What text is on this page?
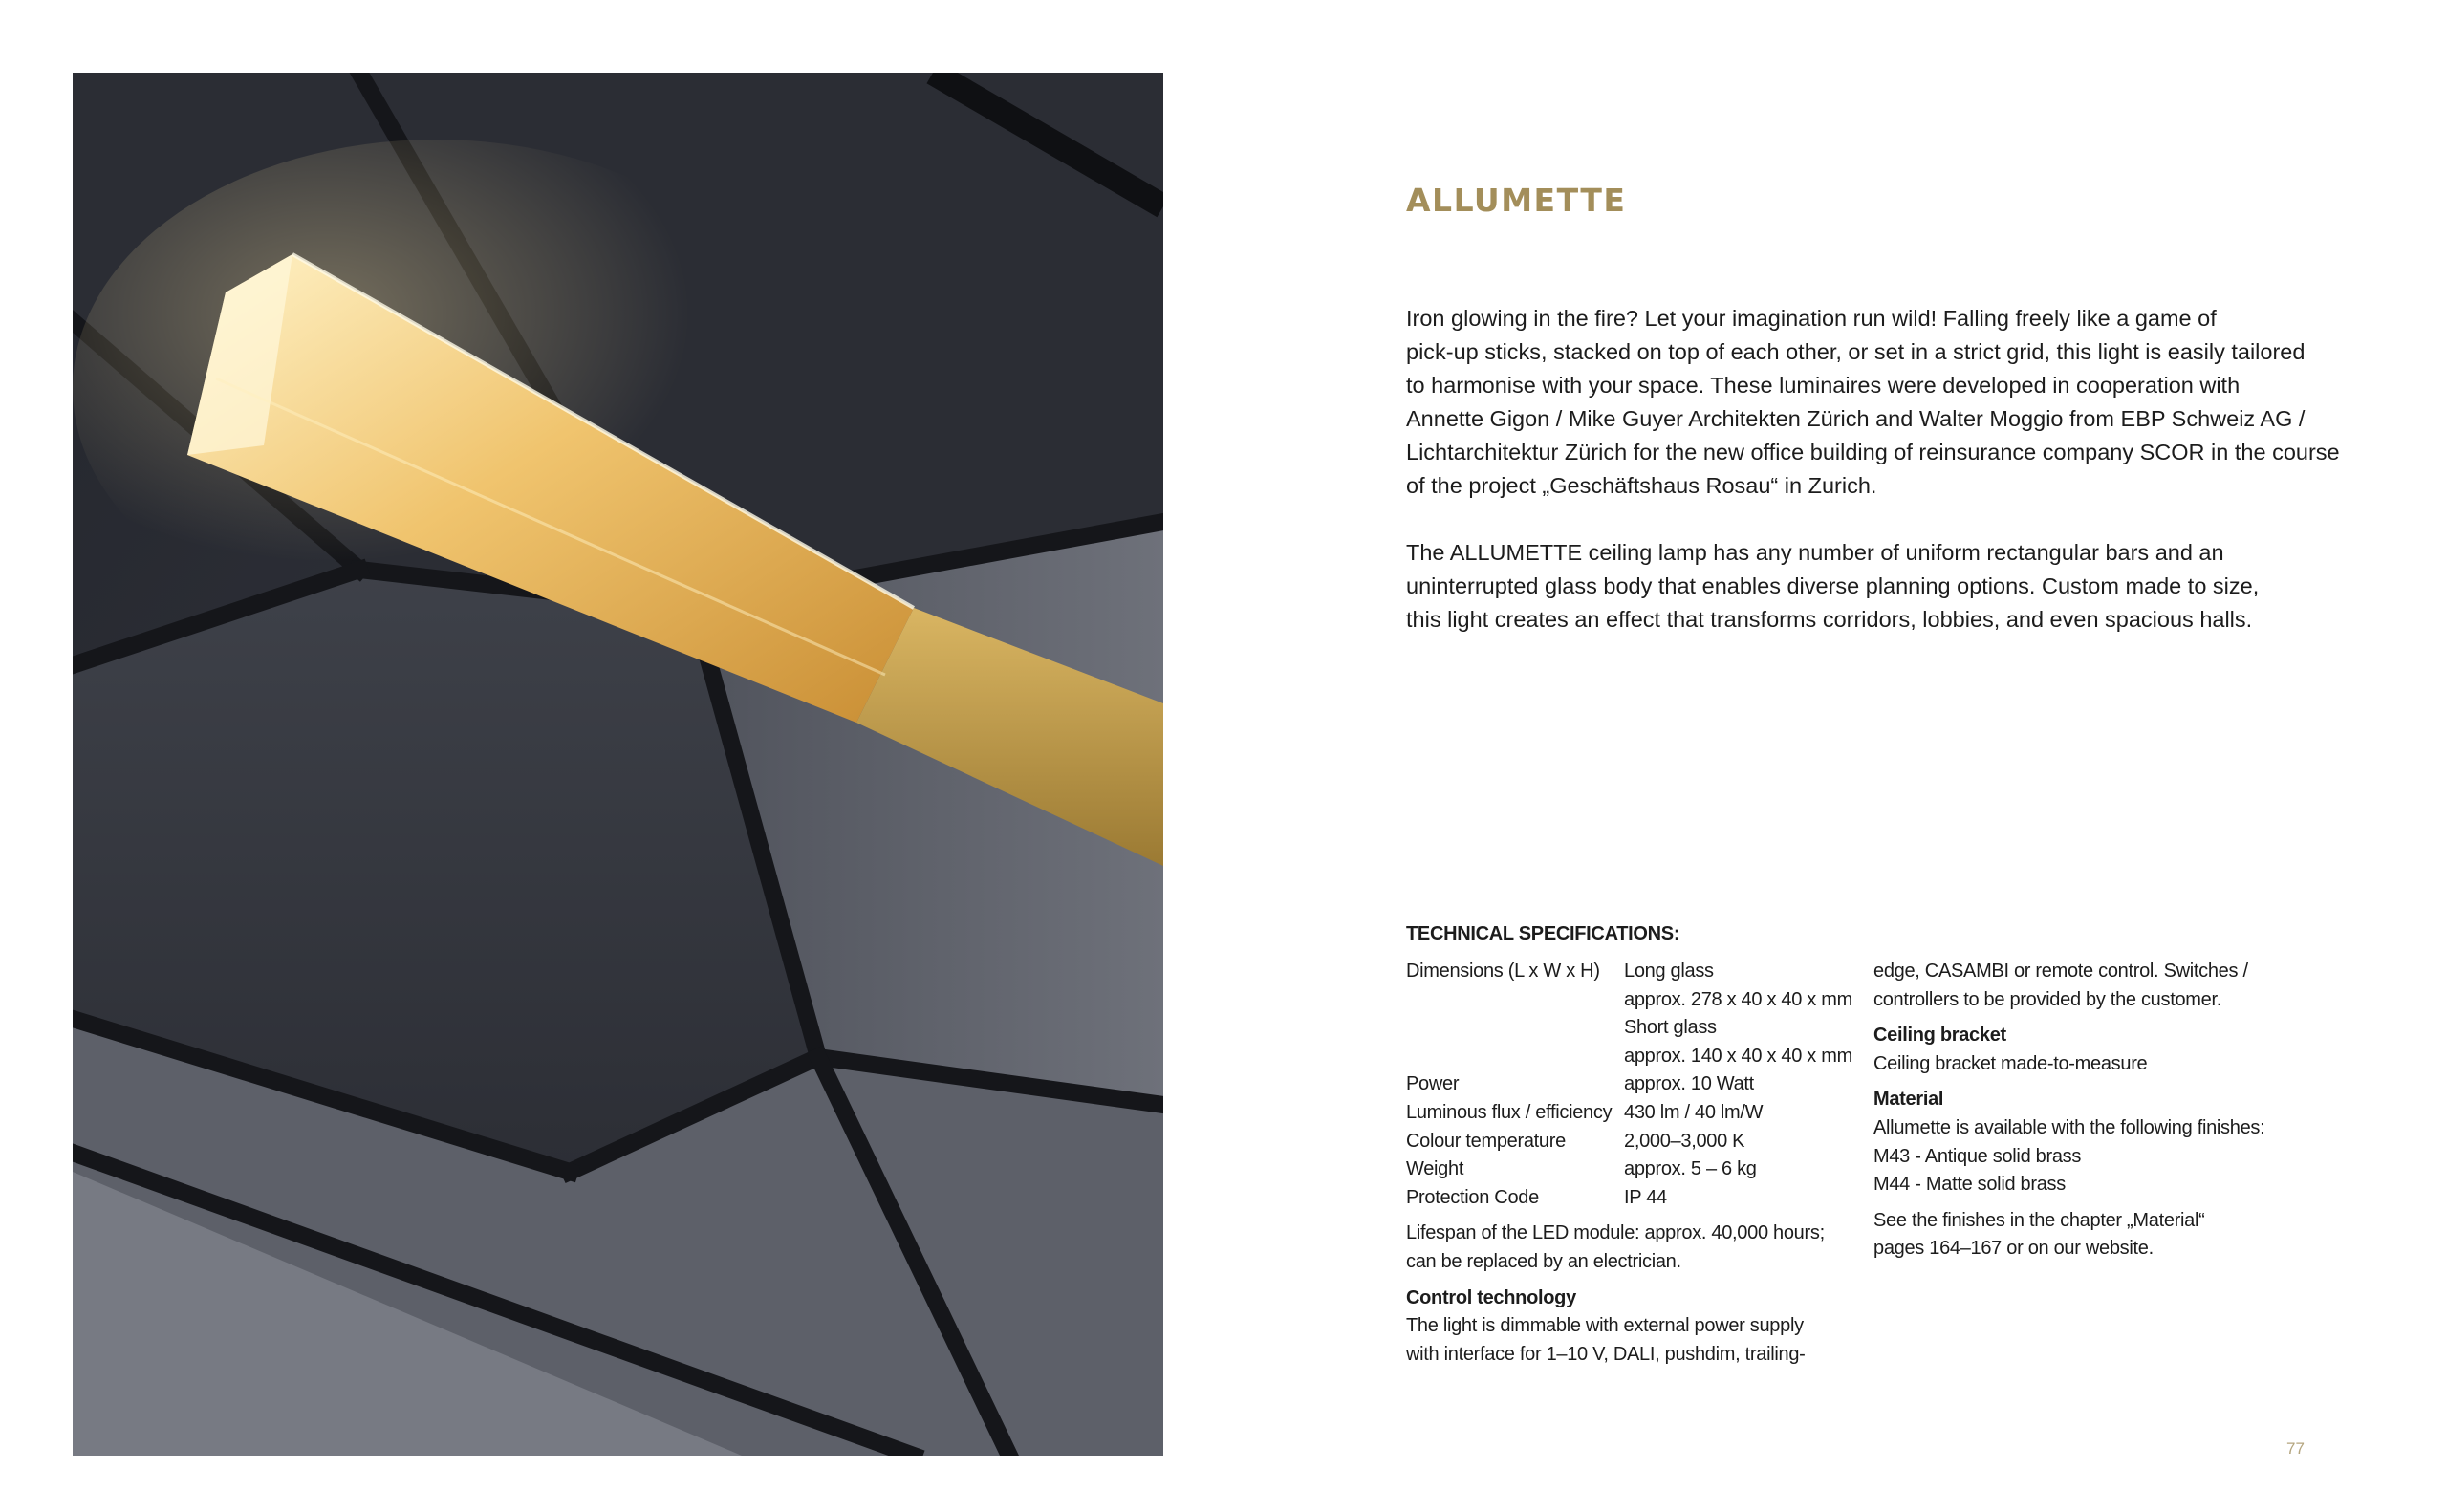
ALLUMETTE

Iron glowing in the fire? Let your imagination run wild! Falling freely like a game of
pick-up sticks, stacked on top of each other, or set in a strict grid, this light is easily tailored
to harmonise with your space. These luminaires were developed in cooperation with
Annette Gigon / Mike Guyer Architekten Zürich and Walter Moggio from EBP Schweiz AG /
Lichtarchitektur Zürich for the new office building of reinsurance company SCOR in the course
of the project „Geschäftshaus Rosau“ in Zurich.

The ALLUMETTE ceiling lamp has any number of uniform rectangular bars and an
uninterrupted glass body that enables diverse planning options. Custom made to size,
this light creates an effect that transforms corridors, lobbies, and even spacious halls.

TECHNICAL SPECIFICATIONS:
Dimensions (L x W x H)	Long glass
approx. 278 x 40 x 40 x mm
Short glass
approx. 140 x 40 x 40 x mm
Power	approx. 10 Watt
Luminous flux / efficiency 430 lm / 40 lm/W
Colour temperature	2,000–3,000 K
Weight	approx. 5 – 6 kg
Protection Code	IP 44
Lifespan of the LED module: approx. 40,000 hours;
can be replaced by an electrician.
Control technology
The light is dimmable with external power supply
with interface for 1–10 V, DALI, pushdim, trailing-
edge, CASAMBI or remote control. Switches /
controllers to be provided by the customer.
Ceiling bracket
Ceiling bracket made-to-measure
Material
Allumette is available with the following finishes:
M43 - Antique solid brass
M44 - Matte solid brass
See the finishes in the chapter „Material“
pages 164–167 or on our website.
77
